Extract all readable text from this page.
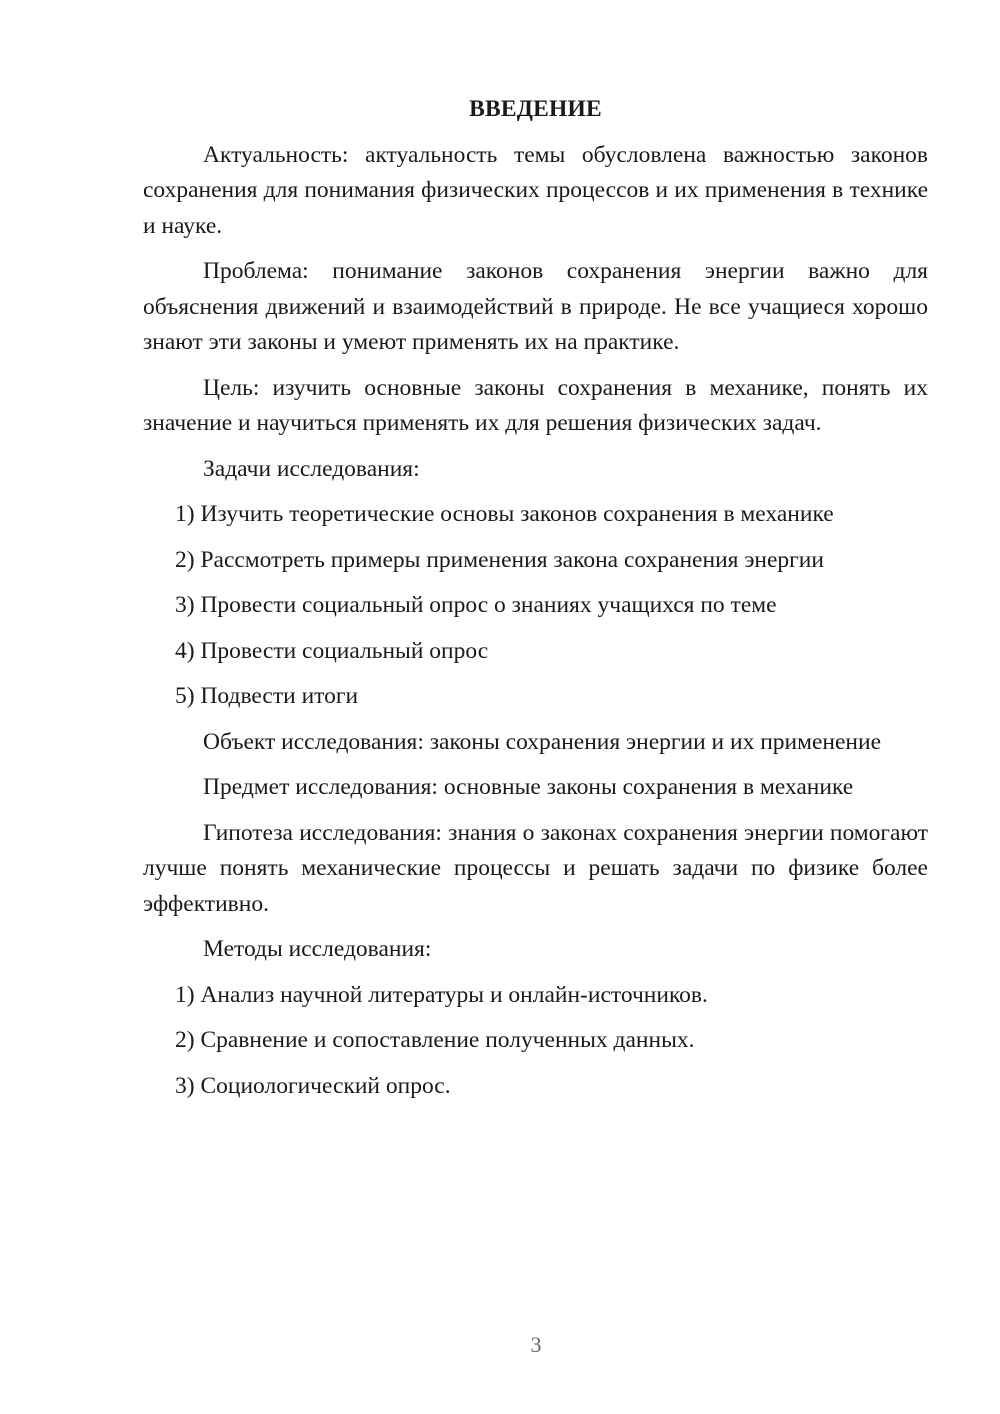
ВВЕДЕНИЕ
Актуальность: актуальность темы обусловлена важностью законов сохранения для понимания физических процессов и их применения в технике и науке.
Проблема: понимание законов сохранения энергии важно для объяснения движений и взаимодействий в природе. Не все учащиеся хорошо знают эти законы и умеют применять их на практике.
Цель: изучить основные законы сохранения в механике, понять их значение и научиться применять их для решения физических задач.
Задачи исследования:
1) Изучить теоретические основы законов сохранения в механике
2) Рассмотреть примеры применения закона сохранения энергии
3) Провести социальный опрос о знаниях учащихся по теме
4) Провести социальный опрос
5) Подвести итоги
Объект исследования: законы сохранения энергии и их применение
Предмет исследования: основные законы сохранения в механике
Гипотеза исследования: знания о законах сохранения энергии помогают лучше понять механические процессы и решать задачи по физике более эффективно.
Методы исследования:
1) Анализ научной литературы и онлайн-источников.
2) Сравнение и сопоставление полученных данных.
3) Социологический опрос.
3
